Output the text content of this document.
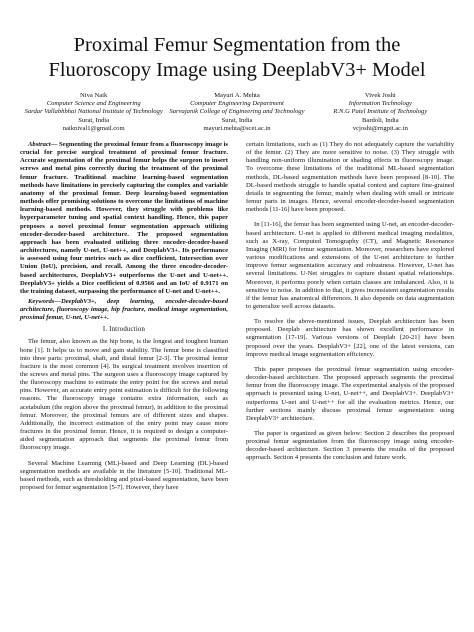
Proximal Femur Segmentation from the Fluoroscopy Image using DeeplabV3+ Model
Niva Naik
Computer Science and Engineering
Sardar Vallabhbhai National Institute of Technology
Surat, India
naiknival1@gmail.com
Mayuri A. Mehta
Computer Engineering Department
Sarvajanik College of Engineering and Technology
Surat, India
mayuri.mehta@scet.ac.in
Vivek Joshi
Information Technology
R.N.G Patel Institute of Technology
Bardoli, India
vcjoshi@rngpit.ac.in

Abstract— Segmenting the proximal femur from a fluoroscopy image is crucial for precise surgical treatment of proximal femur fracture. Accurate segmentation of the proximal femur helps the surgeon to insert screws and metal pins correctly during the treatment of the proximal femur fracture. Traditional machine learning-based segmentation methods have limitations in precisely capturing the complex and variable anatomy of the proximal femur. Deep learning-based segmentation methods offer promising solutions to overcome the limitations of machine learning-based methods. However, they struggle with problems like hyperparameter tuning and spatial context handling. Hence, this paper proposes a novel proximal femur segmentation approach utilizing encoder-decoder-based architecture. The proposed segmentation approach has been evaluated utilizing three encoder-decoder-based architectures, namely U-net, U-net++, and DeeplabV3+. Its performance is assessed using four metrics such as dice coefficient, Intersection over Union (IoU), precision, and recall. Among the three encoder-decoder-based architectures, DeeplabV3+ outperforms the U-net and U-net++. DeeplabV3+ yields a Dice coefficient of 0.9566 and an IoU of 0.9171 on the training dataset, surpassing the performance of U-net and U-net++.

Keywords—DeeplabV3+, deep learning, encoder-decoder-based architecture, fluoroscopy image, hip fracture, medical image segmentation, proximal femur, U-net, U-net++.

I. Introduction

The femur, also known as the hip bone, is the longest and toughest human bone [1]. It helps us to move and gain stability. The femur bone is classified into three parts: proximal, shaft, and distal femur [2-3]. The proximal femur fracture is the most common [4]. Its surgical treatment involves insertion of the screws and metal pins. The surgeon uses a fluoroscopy image captured by the fluoroscopy machine to estimate the entry point for the screws and metal pins. However, an accurate entry point estimation is difficult for the following reasons. The fluoroscopy image contains extra information, such as acetabulum (the region above the proximal femur), in addition to the proximal femur. Moreover, the proximal femurs are of different sizes and shapes. Additionally, the incorrect estimation of the entry point may cause more fractures in the proximal femur. Hence, it is required to design a computer-aided segmentation approach that segments the proximal femur from fluoroscopy image.

Several Machine Learning (ML)-based and Deep Learning (DL)-based segmentation methods are available in the literature [5-10]. Traditional ML-based methods, such as thresholding and pixel-based segmentation, have been proposed for femur segmentation [5-7]. However, they have

certain limitations, such as (1) They do not adequately capture the variability of the femur. (2) They are more sensitive to noise. (3) They struggle with handling non-uniform illumination or shading effects in fluoroscopy image. To overcome these limitations of the traditional ML-based segmentation methods, DL-based segmentation methods have been proposed [8-10]. The DL-based methods struggle to handle spatial context and capture fine-grained details in segmenting the femur, mainly when dealing with small or intricate femur parts in images. Hence, several encoder-decoder-based segmentation methods [11-16] have been proposed.

In [11-16], the femur has been segmented using U-net, an encoder-decoder-based architecture. U-net is applied to different medical imaging modalities, such as X-ray, Computed Tomography (CT), and Magnetic Resonance Imaging (MRI) for femur segmentation. Moreover, researchers have explored various modifications and extensions of the U-net architecture to further improve femur segmentation accuracy and robustness. However, U-net has several limitations. U-Net struggles to capture distant spatial relationships. Moreover, it performs poorly when certain classes are imbalanced. Also, it is sensitive to noise. In addition to that, it gives inconsistent segmentation results if the femur has anatomical differences. It also depends on data augmentation to generalize well across datasets.

To resolve the above-mentioned issues, Deeplab architecture has been proposed. Deeplab architecture has shown excellent performance in segmentation [17-19]. Various versions of Deeplab [20-21] have been proposed over the years. DeeplabV3+ [22], one of the latest versions, can improve medical image segmentation efficiency.

This paper proposes the proximal femur segmentation using encoder-decoder-based architecture. The proposed approach segments the proximal femur from the fluoroscopy image. The experimental analysis of the proposed approach is presented using U-net, U-net++, and DeeplabV3+. DeeplabV3+ outperforms U-net and U-net++ for all the evaluation metrics. Hence, our further sections mainly discuss proximal femur segmentation using DeeplabV3+ architecture.

The paper is organized as given below: Section 2 describes the proposed proximal femur segmentation from the fluoroscopy image using encoder-decoder-based architecture. Section 3 presents the results of the proposed approach. Section 4 presents the conclusion and future work.
